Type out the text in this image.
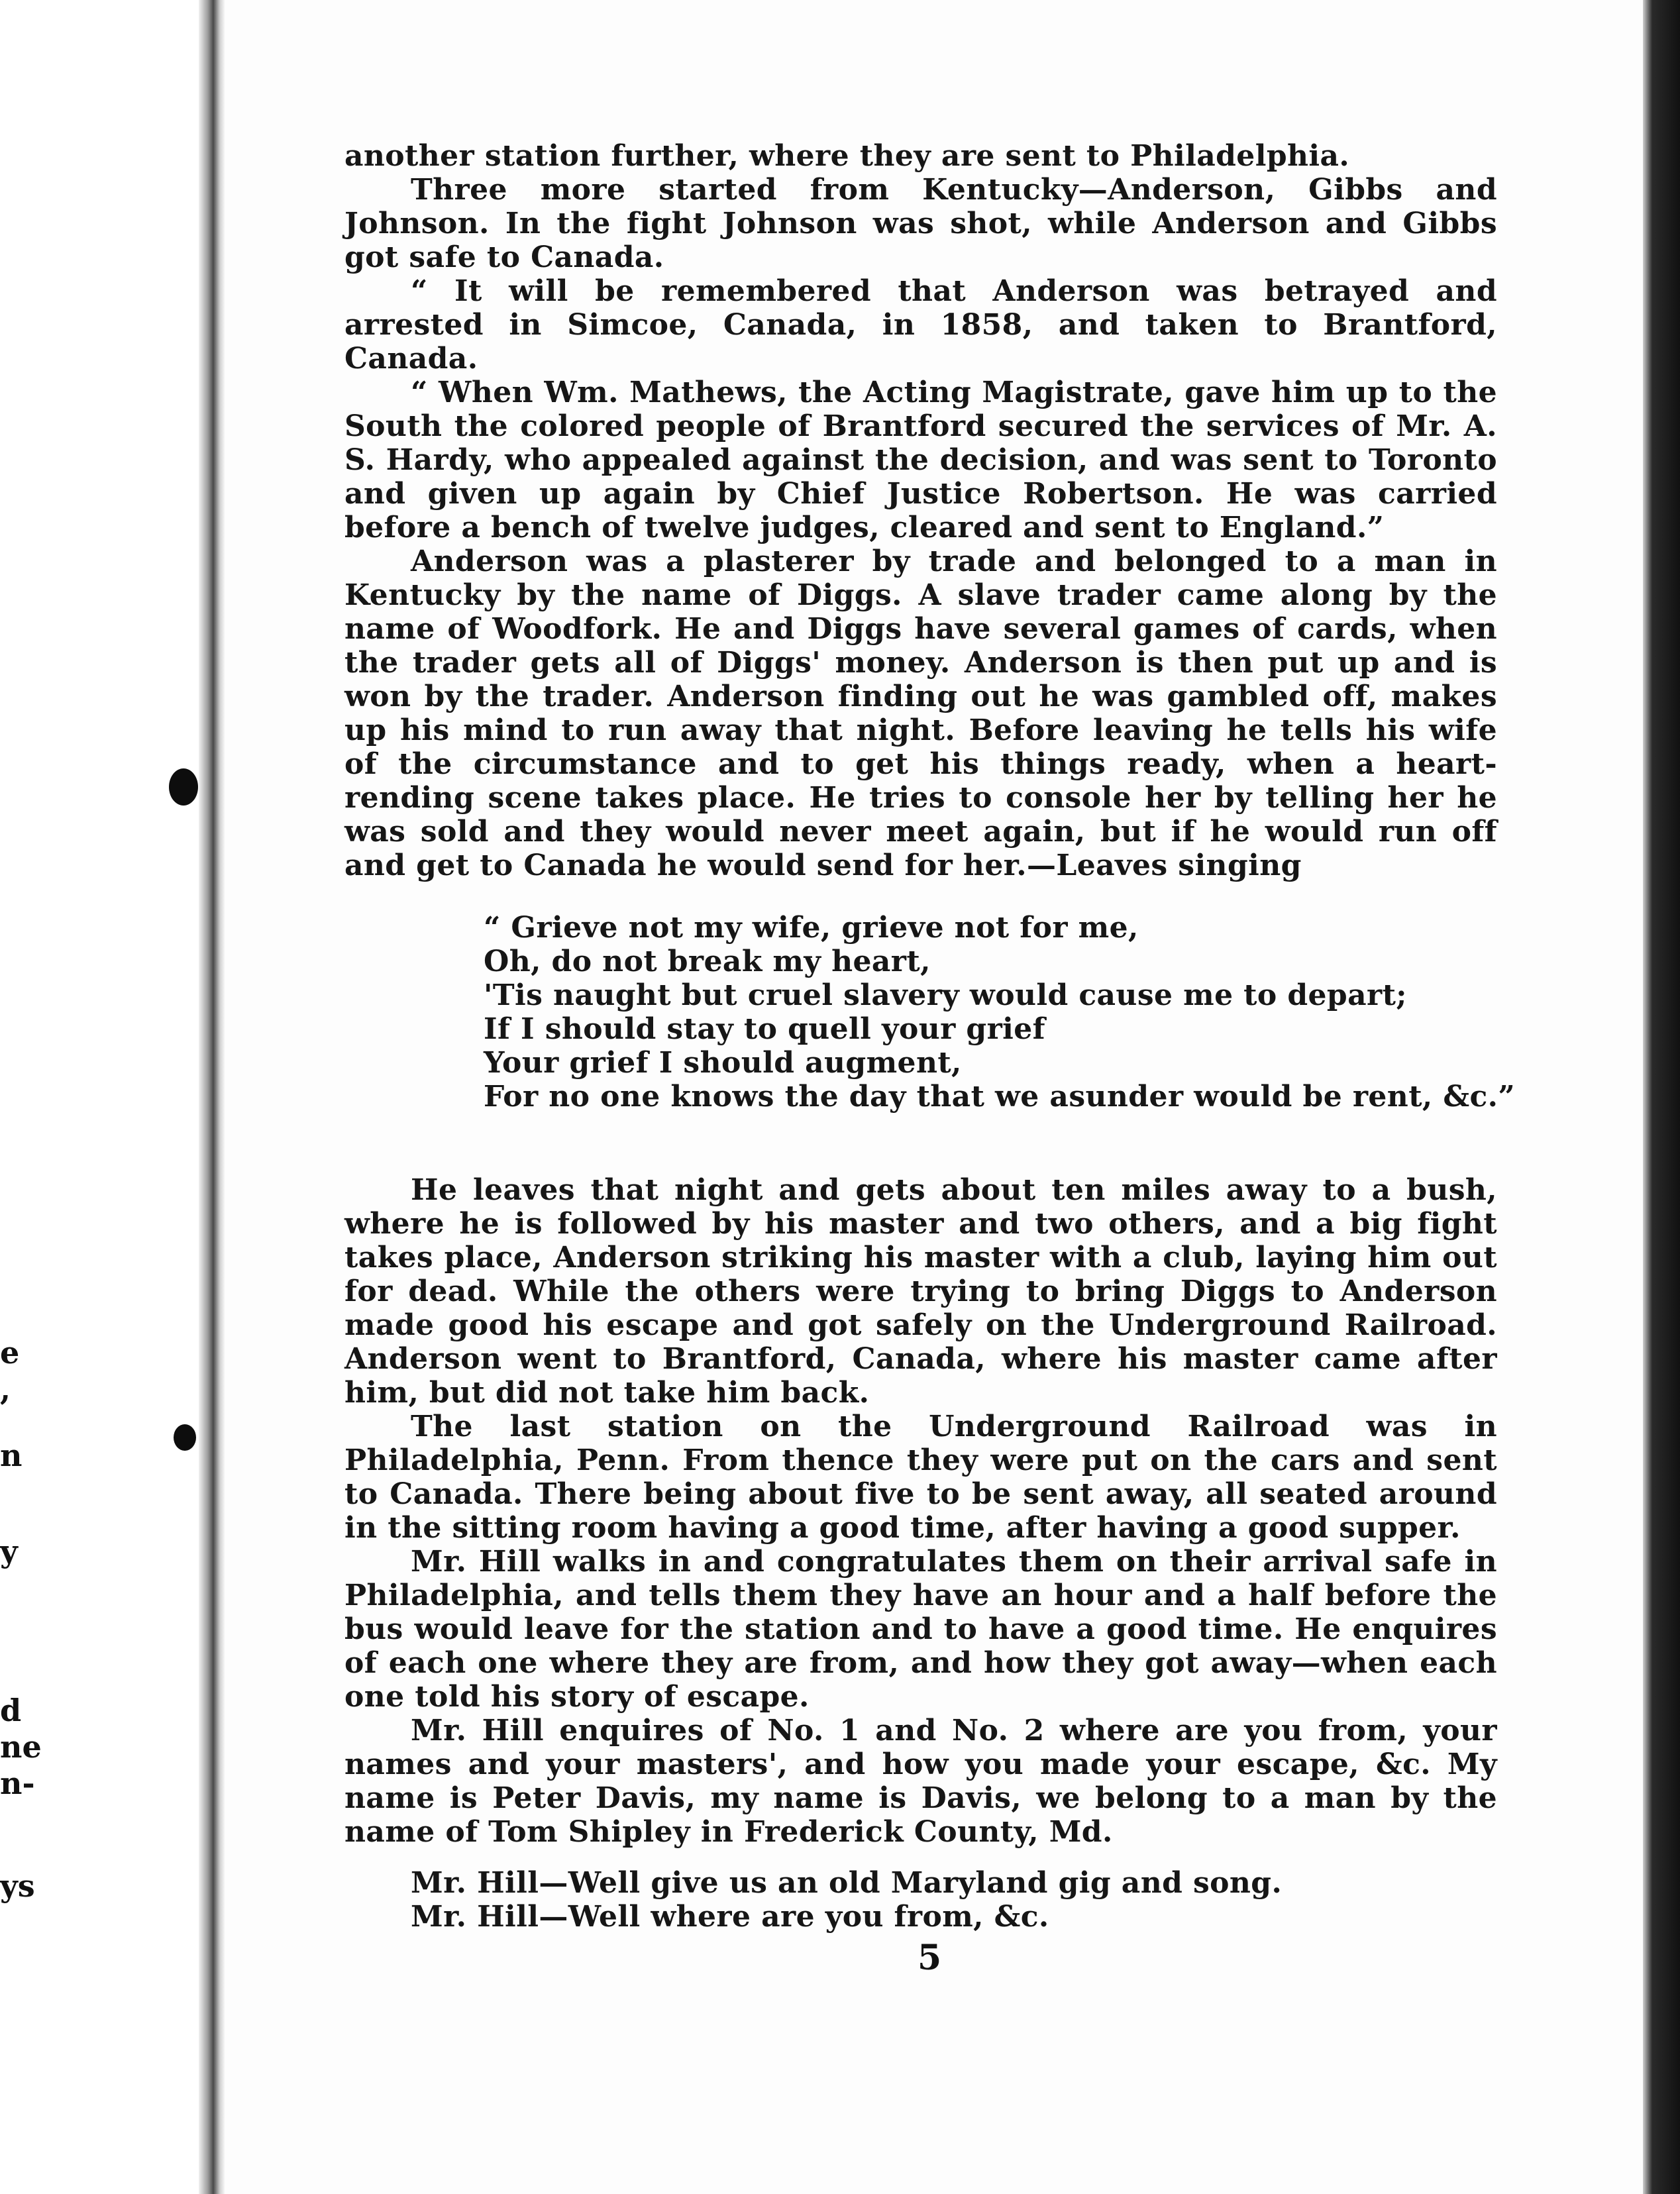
e
,
n
y
d
ne
n-
ys

another station further, where they are sent to Philadelphia.

Three more started from Kentucky—Anderson, Gibbs and Johnson. In the fight Johnson was shot, while Anderson and Gibbs got safe to Canada.

“ It will be remembered that Anderson was betrayed and arrested in Simcoe, Canada, in 1858, and taken to Brantford, Canada.

“ When Wm. Mathews, the Acting Magistrate, gave him up to the South the colored people of Brantford secured the services of Mr. A. S. Hardy, who appealed against the decision, and was sent to Toronto and given up again by Chief Justice Robertson. He was carried before a bench of twelve judges, cleared and sent to England.”

Anderson was a plasterer by trade and belonged to a man in Kentucky by the name of Diggs. A slave trader came along by the name of Woodfork. He and Diggs have several games of cards, when the trader gets all of Diggs' money. Anderson is then put up and is won by the trader. Anderson finding out he was gambled off, makes up his mind to run away that night. Before leaving he tells his wife of the circumstance and to get his things ready, when a heart-rending scene takes place. He tries to console her by telling her he was sold and they would never meet again, but if he would run off and get to Canada he would send for her.—Leaves singing

“ Grieve not my wife, grieve not for me,
Oh, do not break my heart,
'Tis naught but cruel slavery would cause me to depart;
If I should stay to quell your grief
Your grief I should augment,
For no one knows the day that we asunder would be rent, &c.”

He leaves that night and gets about ten miles away to a bush, where he is followed by his master and two others, and a big fight takes place, Anderson striking his master with a club, laying him out for dead. While the others were trying to bring Diggs to Anderson made good his escape and got safely on the Underground Railroad. Anderson went to Brantford, Canada, where his master came after him, but did not take him back.

The last station on the Underground Railroad was in Philadelphia, Penn. From thence they were put on the cars and sent to Canada. There being about five to be sent away, all seated around in the sitting room having a good time, after having a good supper.

Mr. Hill walks in and congratulates them on their arrival safe in Philadelphia, and tells them they have an hour and a half before the bus would leave for the station and to have a good time. He enquires of each one where they are from, and how they got away—when each one told his story of escape.

Mr. Hill enquires of No. 1 and No. 2 where are you from, your names and your masters', and how you made your escape, &c. My name is Peter Davis, my name is Davis, we belong to a man by the name of Tom Shipley in Frederick County, Md.

Mr. Hill—Well give us an old Maryland gig and song.

Mr. Hill—Well where are you from, &c.

5
